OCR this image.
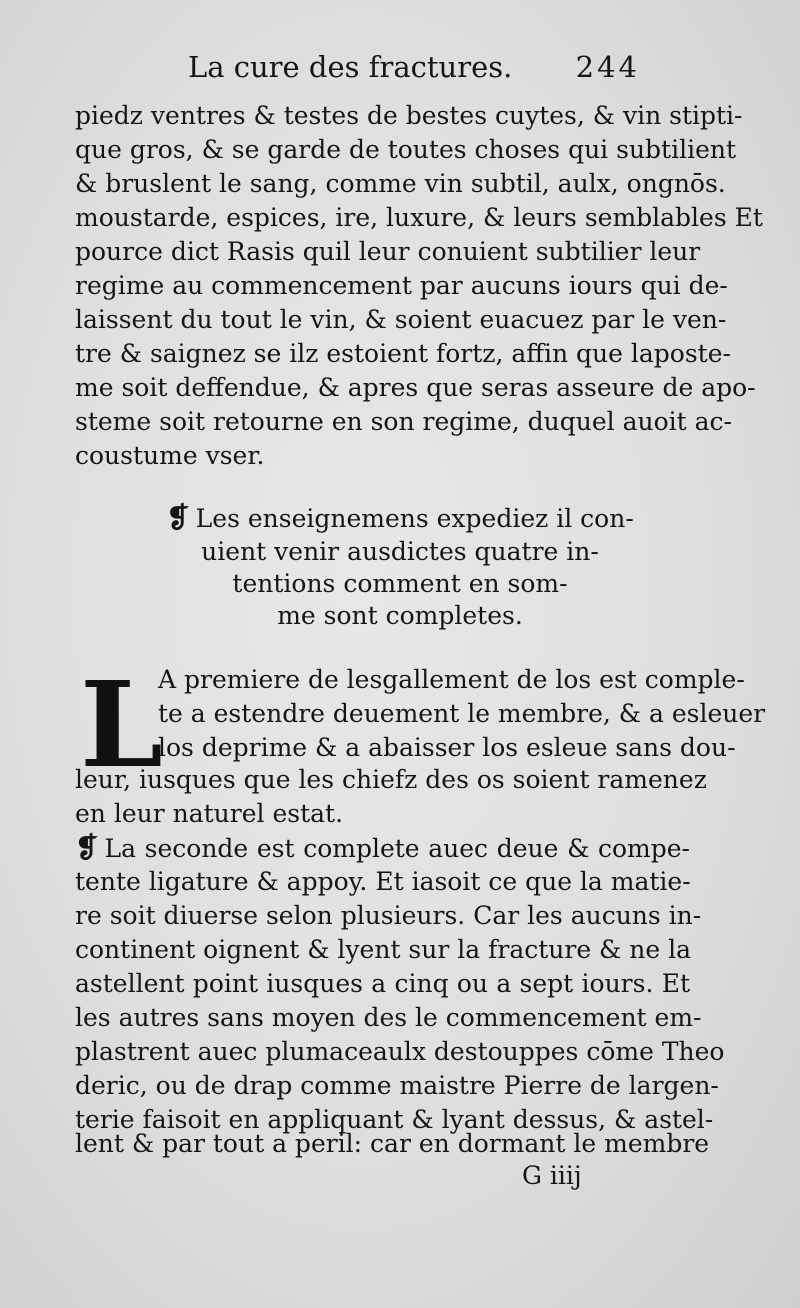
La cure des fractures. 244
piedz ventres & testes de bestes cuytes, & vin stipti-
que gros, & se garde de toutes choses qui subtilient
& bruslent le sang, comme vin subtil, aulx, ongnōs.
moustarde, espices, ire, luxure, & leurs semblables Et
pource dict Rasis quil leur conuient subtilier leur
regime au commencement par aucuns iours qui de-
laissent du tout le vin, & soient euacuez par le ven-
tre & saignez se ilz estoient fortz, affin que lapostе-
me soit deffendue, & apres que seras asseure de apo-
steme soit retourne en son regime, duquel auoit ac-
coustume vser.
❡ Les enseignemens expediez il con-
uient venir ausdictes quatre in-
tentions comment en som-
me sont completes.
L
A premiere de lesgallement de los est comple-
te a estendre deuement le membre, & a esleuer
los deprime & a abaisser los esleue sans dou-
leur, iusques que les chiefz des os soient ramenez
en leur naturel estat.
❡ La seconde est complete auec deue & compe-
tente ligature & appoy. Et iasoit ce que la matie-
re soit diuerse selon plusieurs. Car les aucuns in-
continent oignent & lyent sur la fracture & ne la
astellent point iusques a cinq ou a sept iours. Et
les autres sans moyen des le commencement em-
plastrent auec plumaceaulx destouppes cōme Theo
deric, ou de drap comme maistre Pierre de largen-
terie faisoit en appliquant & lyant dessus, & astel-
lent & par tout a peril: car en dormant le membre
G iiij
